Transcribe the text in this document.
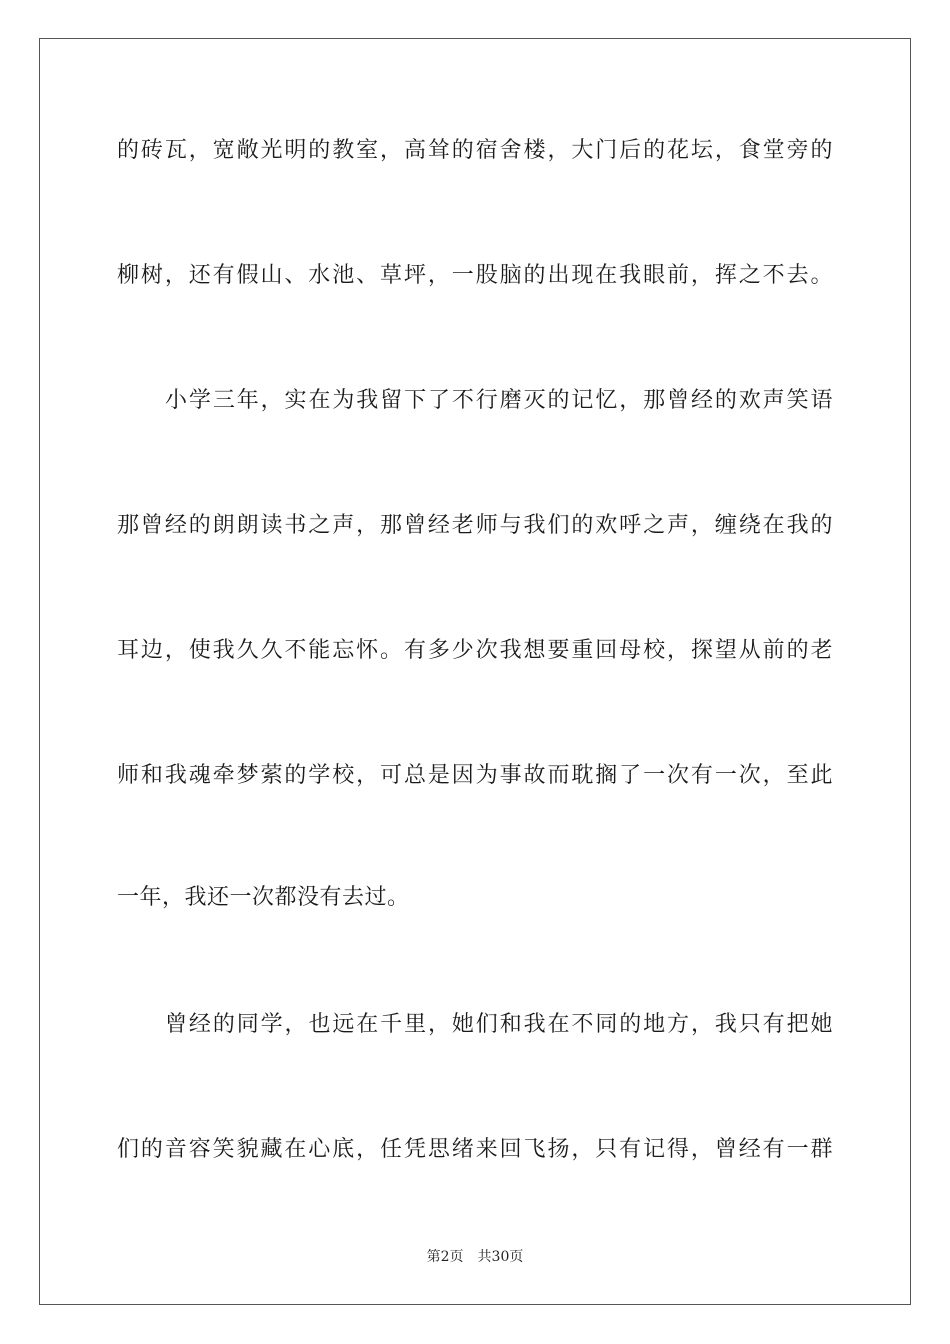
的砖瓦，宽敞光明的教室，高耸的宿舍楼，大门后的花坛，食堂旁的
柳树，还有假山、水池、草坪，一股脑的出现在我眼前，挥之不去。
小学三年，实在为我留下了不行磨灭的记忆，那曾经的欢声笑语
那曾经的朗朗读书之声，那曾经老师与我们的欢呼之声，缠绕在我的
耳边，使我久久不能忘怀。有多少次我想要重回母校，探望从前的老
师和我魂牵梦萦的学校，可总是因为事故而耽搁了一次有一次，至此
一年，我还一次都没有去过。
曾经的同学，也远在千里，她们和我在不同的地方，我只有把她
们的音容笑貌藏在心底，任凭思绪来回飞扬，只有记得，曾经有一群
第2页 共30页
